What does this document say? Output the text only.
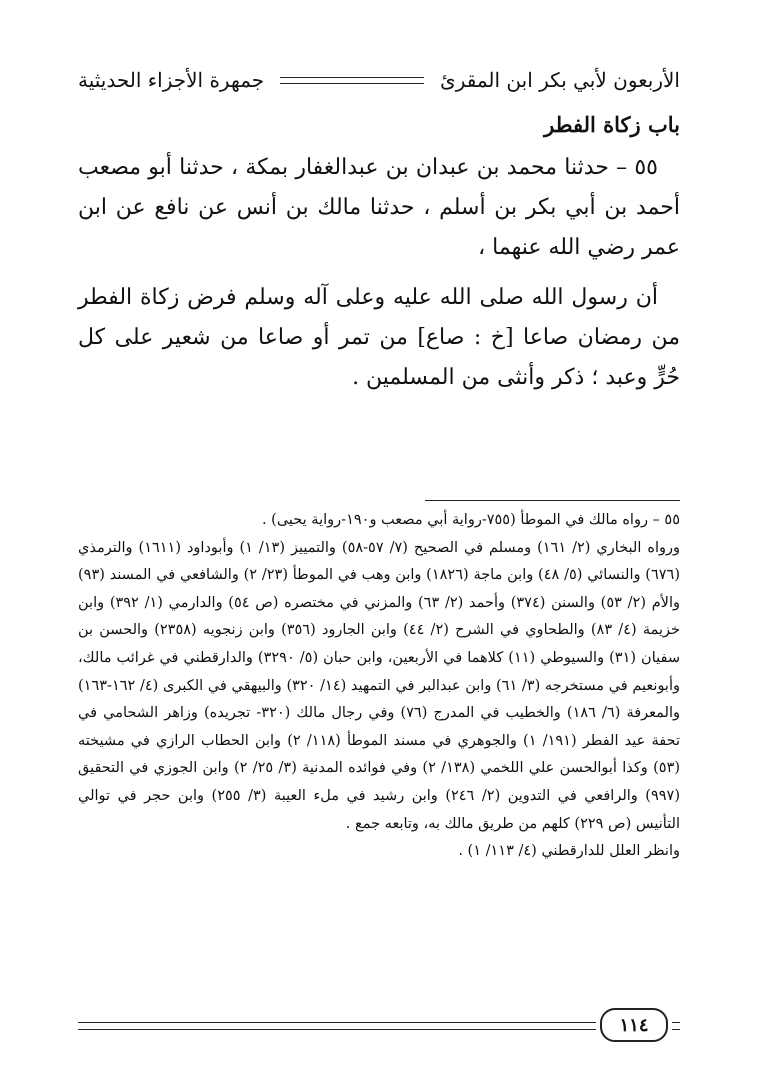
الأربعون لأبي بكر ابن المقرئ
جمهرة الأجزاء الحديثية
باب زكاة الفطر

٥٥ – حدثنا محمد بن عبدان بن عبدالغفار بمكة ، حدثنا أبو مصعب أحمد بن أبي بكر بن أسلم ، حدثنا مالك بن أنس عن نافع عن ابن عمر رضي الله عنهما ،

أن رسول الله صلى الله عليه وعلى آله وسلم فرض زكاة الفطر من رمضان صاعا [خ : صاع] من تمر أو صاعا من شعير على كل حُرٍّ وعبد ؛ ذكر وأنثى من المسلمين .

٥٥ – رواه مالك في الموطأ (٧٥٥-رواية أبي مصعب و١٩٠-رواية يحيى) .

ورواه البخاري (٢/ ١٦١) ومسلم في الصحيح (٧/ ٥٧-٥٨) والتمييز (١٣/ ١) وأبوداود (١٦١١) والترمذي (٦٧٦) والنسائي (٥/ ٤٨) وابن ماجة (١٨٢٦) وابن وهب في الموطأ (٢٣/ ٢) والشافعي في المسند (٩٣) والأم (٢/ ٥٣) والسنن (٣٧٤) وأحمد (٢/ ٦٣) والمزني في مختصره (ص ٥٤) والدارمي (١/ ٣٩٢) وابن خزيمة (٤/ ٨٣) والطحاوي في الشرح (٢/ ٤٤) وابن الجارود (٣٥٦) وابن زنجويه (٢٣٥٨) والحسن بن سفيان (٣١) والسيوطي (١١) كلاهما في الأربعين، وابن حبان (٥/ ٣٢٩٠) والدارقطني في غرائب مالك، وأبونعيم في مستخرجه (٣/ ٦١) وابن عبدالبر في التمهيد (١٤/ ٣٢٠) والبيهقي في الكبرى (٤/ ١٦٢-١٦٣) والمعرفة (٦/ ١٨٦) والخطيب في المدرج (٧٦) وفي رجال مالك (٣٢٠- تجريده) وزاهر الشحامي في تحفة عيد الفطر (١٩١/ ١) والجوهري في مسند الموطأ (١١٨/ ٢) وابن الحطاب الرازي في مشيخته (٥٣) وكذا أبوالحسن علي اللخمي (١٣٨/ ٢) وفي فوائده المدنية (٣/ ٢٥/ ٢) وابن الجوزي في التحقيق (٩٩٧) والرافعي في التدوين (٢/ ٢٤٦) وابن رشيد في ملء العيبة (٣/ ٢٥٥) وابن حجر في توالي التأنيس (ص ٢٢٩) كلهم من طريق مالك به، وتابعه جمع .

وانظر العلل للدارقطني (٤/ ١١٣/ ١) .

١١٤
